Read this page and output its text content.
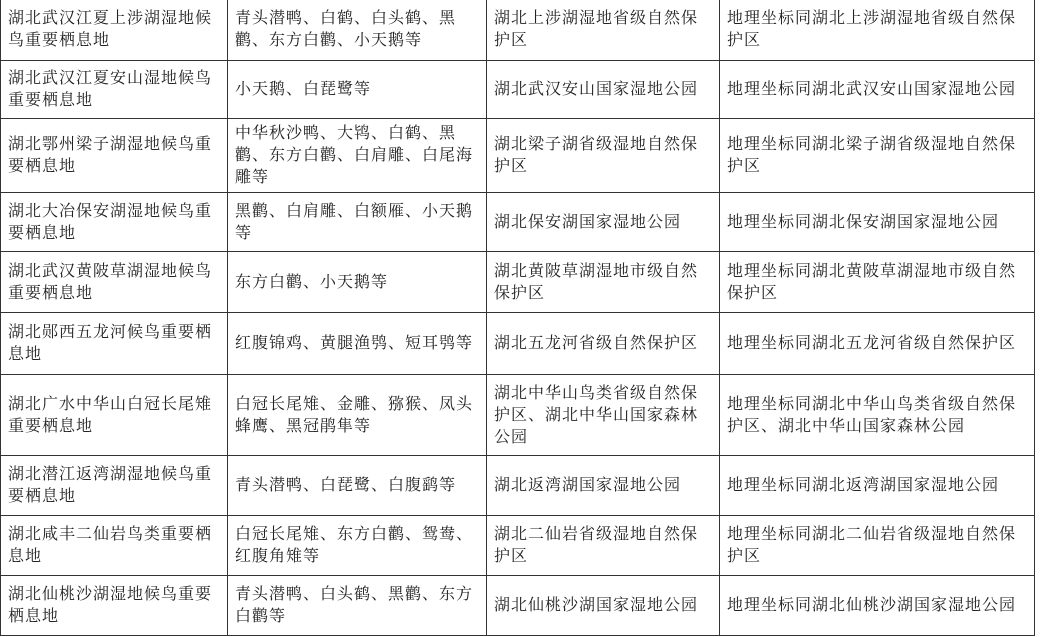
湖北武汉江夏上涉湖湿地候鸟重要栖息地	青头潜鸭、白鹤、白头鹤、黑鹳、东方白鹳、小天鹅等	湖北上涉湖湿地省级自然保护区	地理坐标同湖北上涉湖湿地省级自然保护区
湖北武汉江夏安山湿地候鸟重要栖息地	小天鹅、白琵鹭等	湖北武汉安山国家湿地公园	地理坐标同湖北武汉安山国家湿地公园
湖北鄂州梁子湖湿地候鸟重要栖息地	中华秋沙鸭、大鸨、白鹤、黑鹳、东方白鹳、白肩雕、白尾海雕等	湖北梁子湖省级湿地自然保护区	地理坐标同湖北梁子湖省级湿地自然保护区
湖北大冶保安湖湿地候鸟重要栖息地	黑鹳、白肩雕、白额雁、小天鹅等	湖北保安湖国家湿地公园	地理坐标同湖北保安湖国家湿地公园
湖北武汉黄陂草湖湿地候鸟重要栖息地	东方白鹳、小天鹅等	湖北黄陂草湖湿地市级自然保护区	地理坐标同湖北黄陂草湖湿地市级自然保护区
湖北郧西五龙河候鸟重要栖息地	红腹锦鸡、黄腿渔鸮、短耳鸮等	湖北五龙河省级自然保护区	地理坐标同湖北五龙河省级自然保护区
湖北广水中华山白冠长尾雉重要栖息地	白冠长尾雉、金雕、猕猴、凤头蜂鹰、黑冠鹃隼等	湖北中华山鸟类省级自然保护区、湖北中华山国家森林公园	地理坐标同湖北中华山鸟类省级自然保护区、湖北中华山国家森林公园
湖北潜江返湾湖湿地候鸟重要栖息地	青头潜鸭、白琵鹭、白腹鹞等	湖北返湾湖国家湿地公园	地理坐标同湖北返湾湖国家湿地公园
湖北咸丰二仙岩鸟类重要栖息地	白冠长尾雉、东方白鹳、鸳鸯、红腹角雉等	湖北二仙岩省级湿地自然保护区	地理坐标同湖北二仙岩省级湿地自然保护区
湖北仙桃沙湖湿地候鸟重要栖息地	青头潜鸭、白头鹤、黑鹳、东方白鹳等	湖北仙桃沙湖国家湿地公园	地理坐标同湖北仙桃沙湖国家湿地公园
